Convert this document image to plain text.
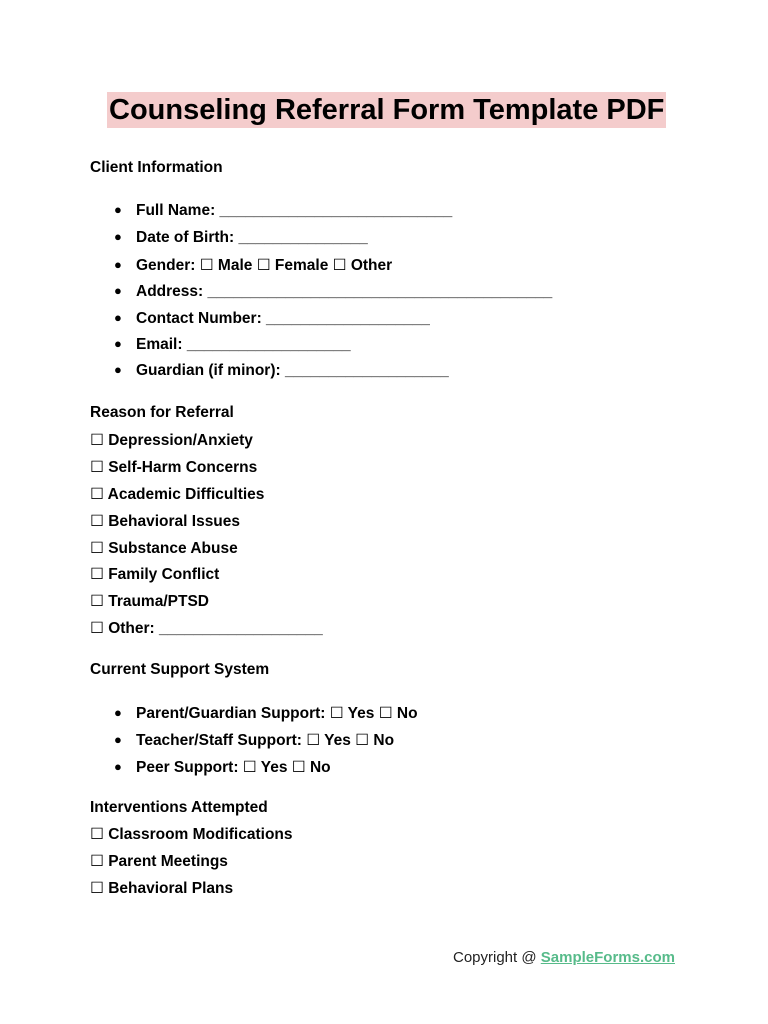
Counseling Referral Form Template PDF
Client Information
● Full Name: ___________________________
● Date of Birth: _______________
● Gender: ☐ Male ☐ Female ☐ Other
● Address: ________________________________________
● Contact Number: ___________________
● Email: ___________________
● Guardian (if minor): ___________________
Reason for Referral
☐ Depression/Anxiety
☐ Self-Harm Concerns
☐ Academic Difficulties
☐ Behavioral Issues
☐ Substance Abuse
☐ Family Conflict
☐ Trauma/PTSD
☐ Other: ___________________
Current Support System
● Parent/Guardian Support: ☐ Yes ☐ No
● Teacher/Staff Support: ☐ Yes ☐ No
● Peer Support: ☐ Yes ☐ No
Interventions Attempted
☐ Classroom Modifications
☐ Parent Meetings
☐ Behavioral Plans
Copyright @ SampleForms.com
